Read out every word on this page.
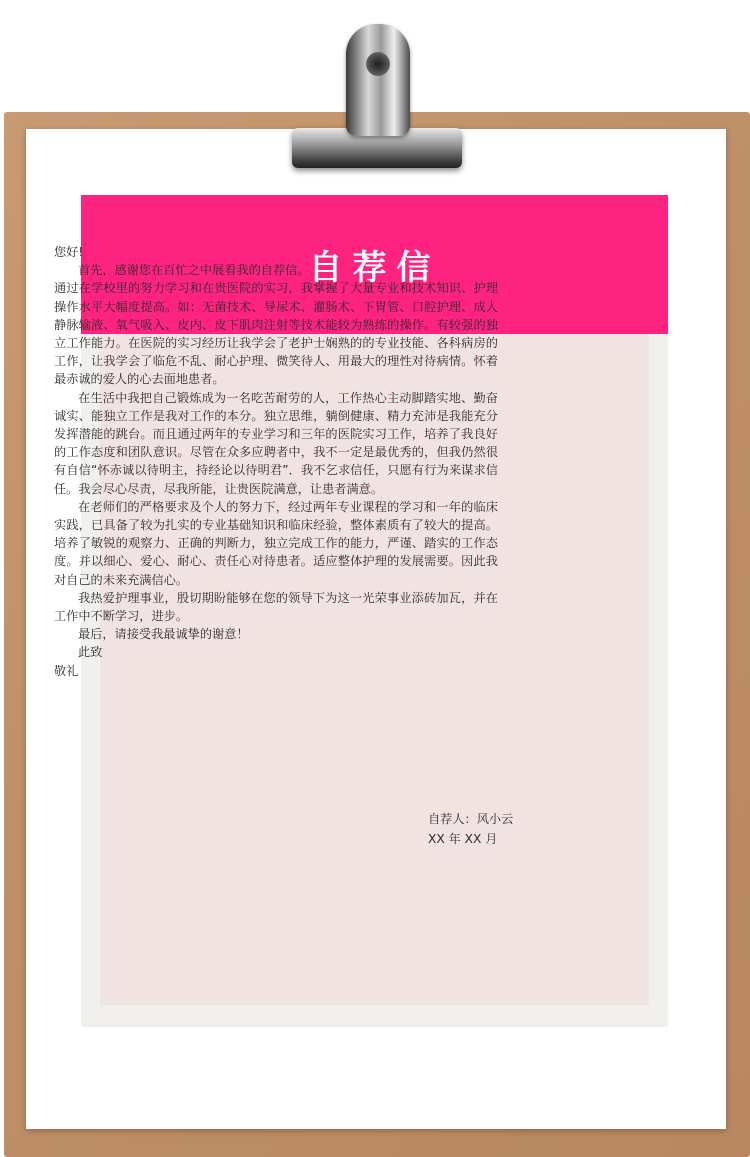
自荐信

您好!

首先，感谢您在百忙之中展看我的自荐信。

通过在学校里的努力学习和在贵医院的实习，我掌握了大量专业和技术知识、护理操作水平大幅度提高。如：无菌技术、导尿术、灌肠术、下胃管、口腔护理、成人静脉输液、氧气吸入、皮内、皮下肌肉注射等技术能较为熟练的操作。有较强的独立工作能力。在医院的实习经历让我学会了老护士娴熟的的专业技能、各科病房的工作，让我学会了临危不乱、耐心护理、微笑待人、用最大的理性对待病情。怀着最赤诚的爱人的心去面地患者。

在生活中我把自己锻炼成为一名吃苦耐劳的人，工作热心主动脚踏实地、勤奋诚实、能独立工作是我对工作的本分。独立思维，躺倒健康、精力充沛是我能充分发挥潜能的跳台。而且通过两年的专业学习和三年的医院实习工作，培养了我良好的工作态度和团队意识。尽管在众多应聘者中，我不一定是最优秀的，但我仍然很有自信“怀赤诚以待明主，持经论以待明君”．我不乞求信任，只愿有行为来谋求信任。我会尽心尽责，尽我所能，让贵医院满意，让患者满意。

在老师们的严格要求及个人的努力下，经过两年专业课程的学习和一年的临床实践，已具备了较为扎实的专业基础知识和临床经验，整体素质有了较大的提高。培养了敏锐的观察力、正确的判断力，独立完成工作的能力，严谨、踏实的工作态度。并以细心、爱心、耐心、责任心对待患者。适应整体护理的发展需要。因此我对自己的未来充满信心。

我热爱护理事业，殷切期盼能够在您的领导下为这一光荣事业添砖加瓦，并在工作中不断学习，进步。

最后，请接受我最诚挚的谢意！

此致

敬礼

自荐人：风小云
XX 年 XX 月
